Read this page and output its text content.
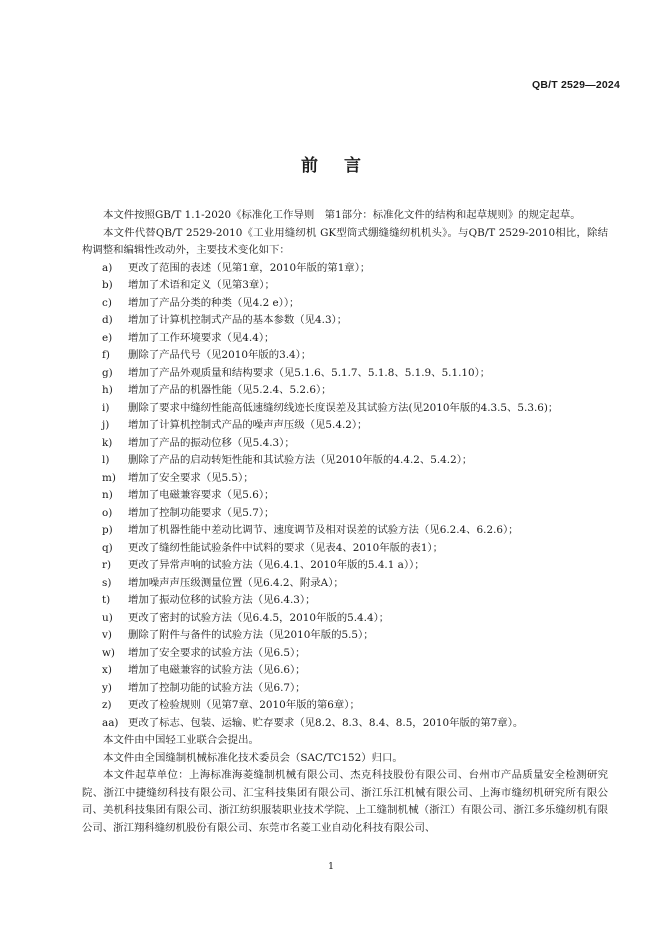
QB/T 2529—2024
前言

本文件按照GB/T 1.1-2020《标准化工作导则　第1部分：标准化文件的结构和起草规则》的规定起草。

本文件代替QB/T 2529-2010《工业用缝纫机 GK型筒式绷缝缝纫机机头》。与QB/T 2529-2010相比，除结构调整和编辑性改动外，主要技术变化如下：

a)	更改了范围的表述（见第1章，2010年版的第1章）；
b)	增加了术语和定义（见第3章）；
c)	增加了产品分类的种类（见4.2 e））；
d)	增加了计算机控制式产品的基本参数（见4.3）；
e)	增加了工作环境要求（见4.4）；
f)	删除了产品代号（见2010年版的3.4）；
g)	增加了产品外观质量和结构要求（见5.1.6、5.1.7、5.1.8、5.1.9、5.1.10）；
h)	增加了产品的机器性能（见5.2.4、5.2.6）；
i)	删除了要求中缝纫性能高低速缝纫线迹长度误差及其试验方法(见2010年版的4.3.5、5.3.6)；
j)	增加了计算机控制式产品的噪声声压级（见5.4.2）；
k)	增加了产品的振动位移（见5.4.3）；
l)	删除了产品的启动转矩性能和其试验方法（见2010年版的4.4.2、5.4.2）；
m)	增加了安全要求（见5.5）；
n)	增加了电磁兼容要求（见5.6）；
o)	增加了控制功能要求（见5.7）；
p)	增加了机器性能中差动比调节、速度调节及相对误差的试验方法（见6.2.4、6.2.6）；
q)	更改了缝纫性能试验条件中试料的要求（见表4、2010年版的表1）；
r)	更改了异常声响的试验方法（见6.4.1、2010年版的5.4.1 a））；
s)	增加噪声声压级测量位置（见6.4.2、附录A）；
t)	增加了振动位移的试验方法（见6.4.3）；
u)	更改了密封的试验方法（见6.4.5，2010年版的5.4.4）；
v)	删除了附件与备件的试验方法（见2010年版的5.5）；
w)	增加了安全要求的试验方法（见6.5）；
x)	增加了电磁兼容的试验方法（见6.6）；
y)	增加了控制功能的试验方法（见6.7）；
z)	更改了检验规则（见第7章、2010年版的第6章）；
aa) 更改了标志、包装、运输、贮存要求（见8.2、8.3、8.4、8.5，2010年版的第7章）。

本文件由中国轻工业联合会提出。

本文件由全国缝制机械标准化技术委员会（SAC/TC152）归口。

本文件起草单位：上海标准海菱缝制机械有限公司、杰克科技股份有限公司、台州市产品质量安全检测研究院、浙江中捷缝纫科技有限公司、汇宝科技集团有限公司、浙江乐江机械有限公司、上海市缝纫机研究所有限公司、美机科技集团有限公司、浙江纺织服装职业技术学院、上工缝制机械（浙江）有限公司、浙江多乐缝纫机有限公司、浙江翔科缝纫机股份有限公司、东莞市名菱工业自动化科技有限公司、

1
